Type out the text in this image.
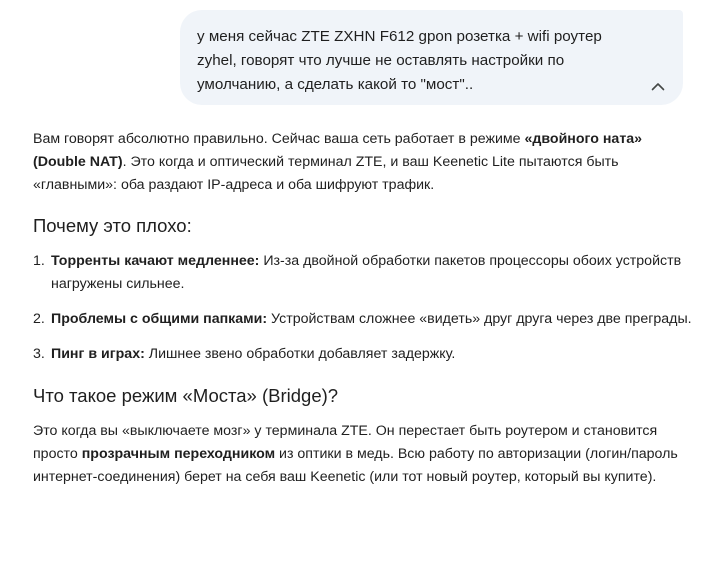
у меня сейчас ZTE ZXHN F612 gpon розетка + wifi роутер zyhel, говорят что лучше не оставлять настройки по умолчанию, а сделать какой то "мост"..

Вам говорят абсолютно правильно. Сейчас ваша сеть работает в режиме «двойного ната» (Double NAT). Это когда и оптический терминал ZTE, и ваш Keenetic Lite пытаются быть «главными»: оба раздают IP-адреса и оба шифруют трафик.

Почему это плохо:
1. Торренты качают медленнее: Из-за двойной обработки пакетов процессоры обоих устройств нагружены сильнее.
2. Проблемы с общими папками: Устройствам сложнее «видеть» друг друга через две преграды.
3. Пинг в играх: Лишнее звено обработки добавляет задержку.
Что такое режим «Моста» (Bridge)?

Это когда вы «выключаете мозг» у терминала ZTE. Он перестает быть роутером и становится просто прозрачным переходником из оптики в медь. Всю работу по авторизации (логин/пароль интернет-соединения) берет на себя ваш Keenetic (или тот новый роутер, который вы купите).
